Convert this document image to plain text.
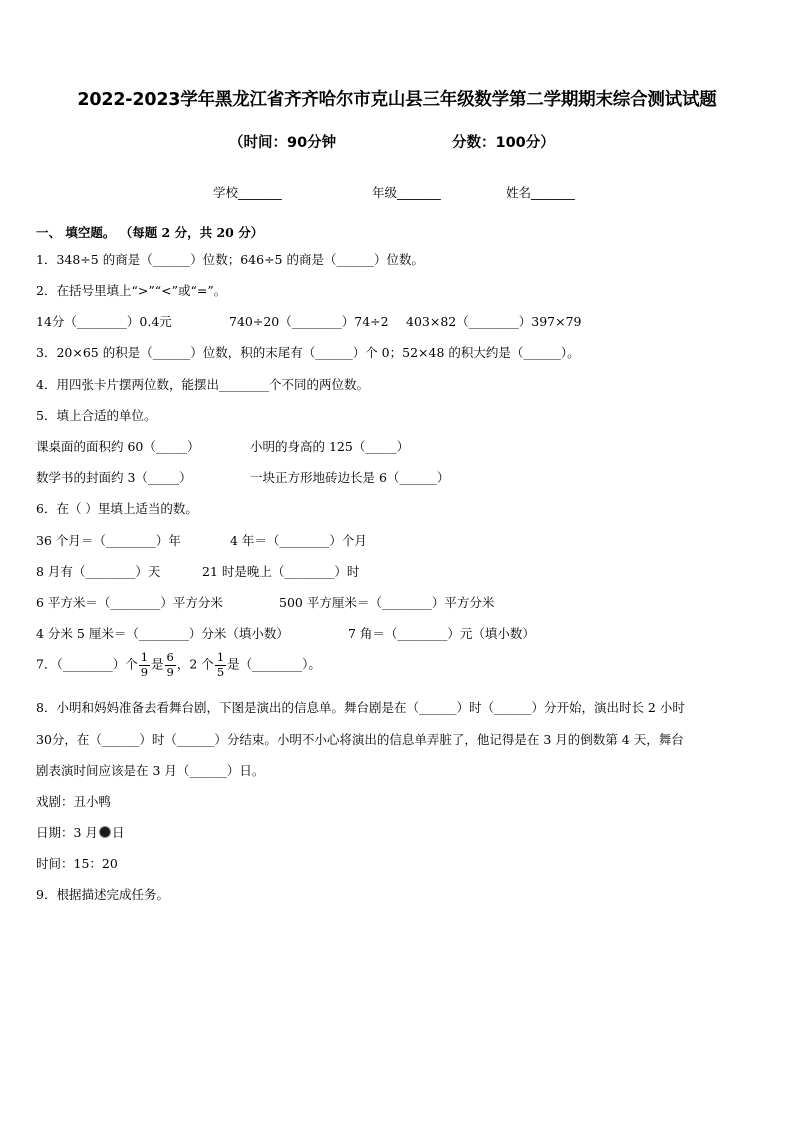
2022-2023学年黑龙江省齐齐哈尔市克山县三年级数学第二学期期末综合测试试题
（时间：90分钟	分数：100分）
学校_______	年级_______	姓名_______
一、 填空题。 （每题 2 分，共 20 分）
1．348÷5 的商是（______）位数；646÷5 的商是（______）位数。
2．在括号里填上“>”“<”或“=”。
14分（________）0.4元	740÷20（________）74÷2 403×82（________）397×79
3．20×65 的积是（______）位数，积的末尾有（______）个 0；52×48 的积大约是（______）。
4．用四张卡片摆两位数，能摆出________个不同的两位数。
5．填上合适的单位。
课桌面的面积约 60（_____）	小明的身高的 125（_____）
数学书的封面约 3（_____）	一块正方形地砖边长是 6（______）
6．在（ ）里填上适当的数。
36 个月＝（________）年	4 年＝（________）个月
8 月有（________）天	21 时是晚上（________）时
6 平方米＝（________）平方分米	500 平方厘米＝（________）平方分米
4 分米 5 厘米＝（________）分米（填小数）	7 角＝（________）元（填小数）
7．（________）个 $\frac{1}{9}$ 是 $\frac{6}{9}$ ，2 个 $\frac{1}{5}$ 是（________）。
8．小明和妈妈准备去看舞台剧，下图是演出的信息单。舞台剧是在（______）时（______）分开始，演出时长 2 小时
30分，在（______）时（______）分结束。小明不小心将演出的信息单弄脏了，他记得是在 3 月的倒数第 4 天，舞台
剧表演时间应该是在 3 月（______）日。
戏剧：丑小鸭
日期：3 月 日
时间：15：20
9．根据描述完成任务。
